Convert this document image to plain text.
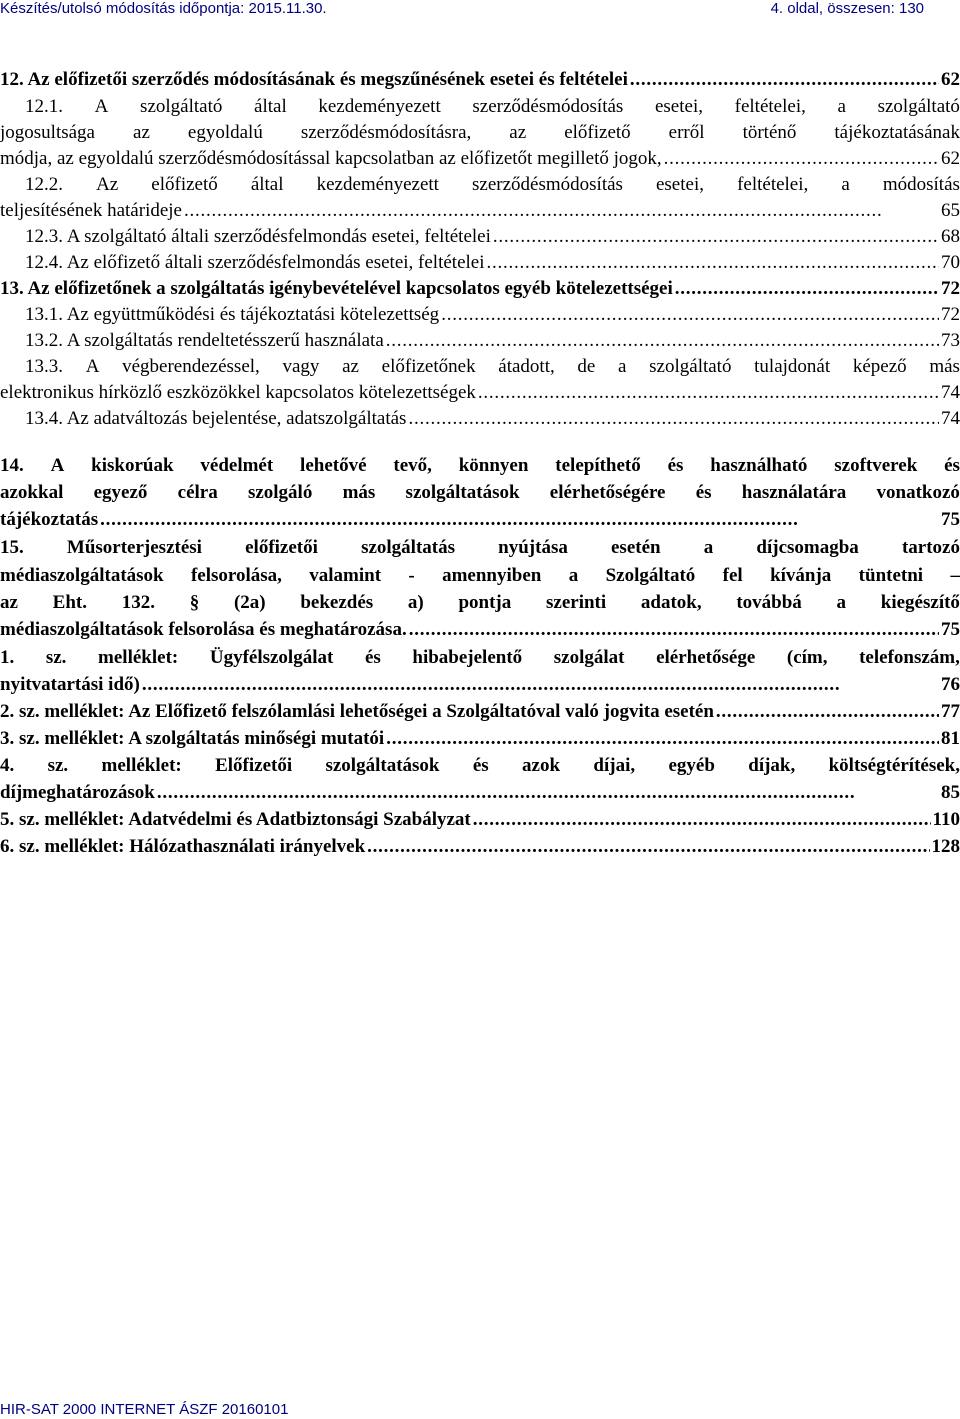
Készítés/utolsó módosítás időpontja: 2015.11.30.	4. oldal, összesen: 130
12. Az előfizetői szerződés módosításának és megszűnésének esetei és feltételei . . .	62
12.1. A szolgáltató által kezdeményezett szerződésmódosítás esetei, feltételei, a szolgáltató
jogosultsága az egyoldalú szerződésmódosításra, az előfizető erről történő tájékoztatásának
módja, az egyoldalú szerződésmódosítással kapcsolatban az előfizetőt megillető jogok, . . .	62
12.2. Az előfizető által kezdeményezett szerződésmódosítás esetei, feltételei, a módosítás
teljesítésének határideje . . .	65
12.3. A szolgáltató általi szerződésfelmondás esetei, feltételei . . .	68
12.4. Az előfizető általi szerződésfelmondás esetei, feltételei . . .	70
13. Az előfizetőnek a szolgáltatás igénybevételével kapcsolatos egyéb kötelezettségei . . .	72
13.1. Az együttműködési és tájékoztatási kötelezettség . . .	72
13.2. A szolgáltatás rendeltetésszerű használata . . .	73
13.3. A végberendezéssel, vagy az előfizetőnek átadott, de a szolgáltató tulajdonát képező más
elektronikus hírközlő eszközökkel kapcsolatos kötelezettségek . . .	74
13.4. Az adatváltozás bejelentése, adatszolgáltatás . . .	74
14. A kiskorúak védelmét lehetővé tevő, könnyen telepíthető és használható szoftverek és
azokkal egyező célra szolgáló más szolgáltatások elérhetőségére és használatára vonatkozó
tájékoztatás . . .	75
15. Műsorterjesztési előfizetői szolgáltatás nyújtása esetén a díjcsomagba tartozó
médiaszolgáltatások felsorolása, valamint - amennyiben a Szolgáltató fel kívánja tüntetni –
az Eht. 132. § (2a) bekezdés a) pontja szerinti adatok, továbbá a kiegészítő
médiaszolgáltatások felsorolása és meghatározása. . . .	75
1. sz. melléklet: Ügyfélszolgálat és hibabejelentő szolgálat elérhetősége (cím, telefonszám,
nyitvatartási idő) . . .	76
2. sz. melléklet: Az Előfizető felszólamlási lehetőségei a Szolgáltatóval való jogvita esetén . . .	77
3. sz. melléklet: A szolgáltatás minőségi mutatói . . .	81
4. sz. melléklet: Előfizetői szolgáltatások és azok díjai, egyéb díjak, költségtérítések,
díjmeghatározások . . .	85
5. sz. melléklet: Adatvédelmi és Adatbiztonsági Szabályzat . . .	110
6. sz. melléklet: Hálózathasználati irányelvek . . .	128
HIR-SAT 2000 INTERNET ÁSZF 20160101
